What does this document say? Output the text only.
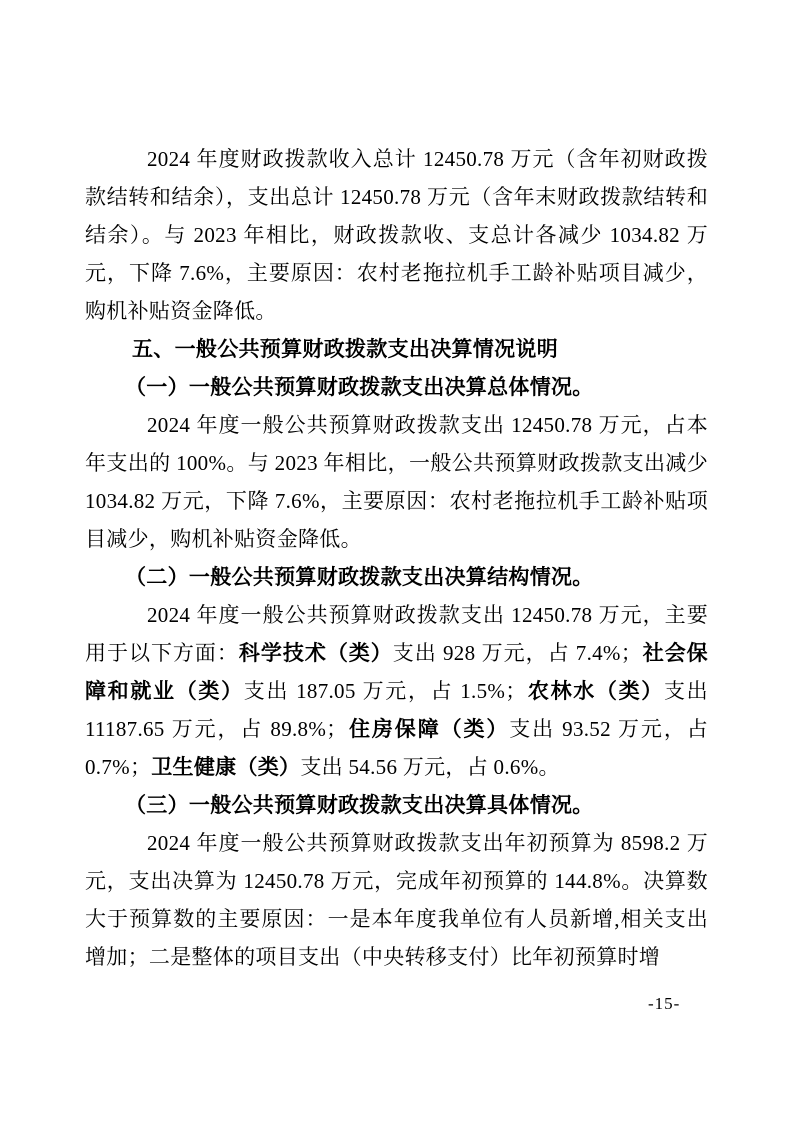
2024 年度财政拨款收入总计 12450.78 万元（含年初财政拨款结转和结余），支出总计 12450.78 万元（含年末财政拨款结转和结余）。与 2023 年相比，财政拨款收、支总计各减少 1034.82 万元，下降 7.6%，主要原因：农村老拖拉机手工龄补贴项目减少，购机补贴资金降低。

五、一般公共预算财政拨款支出决算情况说明

（一）一般公共预算财政拨款支出决算总体情况。

2024 年度一般公共预算财政拨款支出 12450.78 万元，占本年支出的 100%。与 2023 年相比，一般公共预算财政拨款支出减少 1034.82 万元，下降 7.6%，主要原因：农村老拖拉机手工龄补贴项目减少，购机补贴资金降低。

（二）一般公共预算财政拨款支出决算结构情况。

2024 年度一般公共预算财政拨款支出 12450.78 万元，主要用于以下方面：科学技术（类）支出 928 万元，占 7.4%；社会保障和就业（类）支出 187.05 万元，占 1.5%；农林水（类）支出 11187.65 万元，占 89.8%；住房保障（类）支出 93.52 万元，占 0.7%；卫生健康（类）支出 54.56 万元，占 0.6%。

（三）一般公共预算财政拨款支出决算具体情况。

2024 年度一般公共预算财政拨款支出年初预算为 8598.2 万元，支出决算为 12450.78 万元，完成年初预算的 144.8%。决算数大于预算数的主要原因：一是本年度我单位有人员新增,相关支出增加；二是整体的项目支出（中央转移支付）比年初预算时增

-15-
